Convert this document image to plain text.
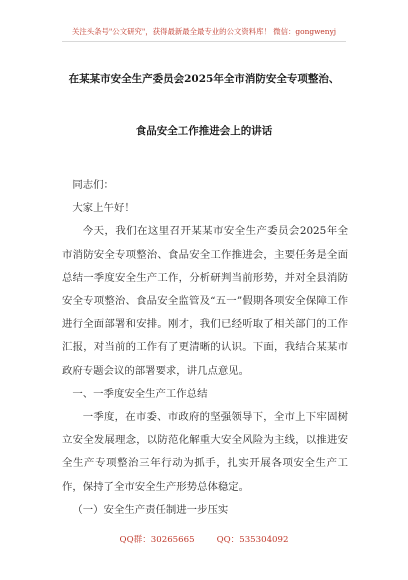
关注头条号"公文研究"，获得最新最全最专业的公文资料库！ 微信：gongwenyj
在某某市安全生产委员会2025年全市消防安全专项整治、
食品安全工作推进会上的讲话

同志们：

大家上午好！

今天，我们在这里召开某某市安全生产委员会2025年全市消防安全专项整治、食品安全工作推进会，主要任务是全面总结一季度安全生产工作，分析研判当前形势，并对全县消防安全专项整治、食品安全监管及“五一”假期各项安全保障工作进行全面部署和安排。刚才，我们已经听取了相关部门的工作汇报，对当前的工作有了更清晰的认识。下面，我结合某某市政府专题会议的部署要求，讲几点意见。

一、一季度安全生产工作总结

一季度，在市委、市政府的坚强领导下，全市上下牢固树立安全发展理念，以防范化解重大安全风险为主线，以推进安全生产专项整治三年行动为抓手，扎实开展各项安全生产工作，保持了全市安全生产形势总体稳定。

（一）安全生产责任制进一步压实

QQ群：30265665	QQ：535304092
